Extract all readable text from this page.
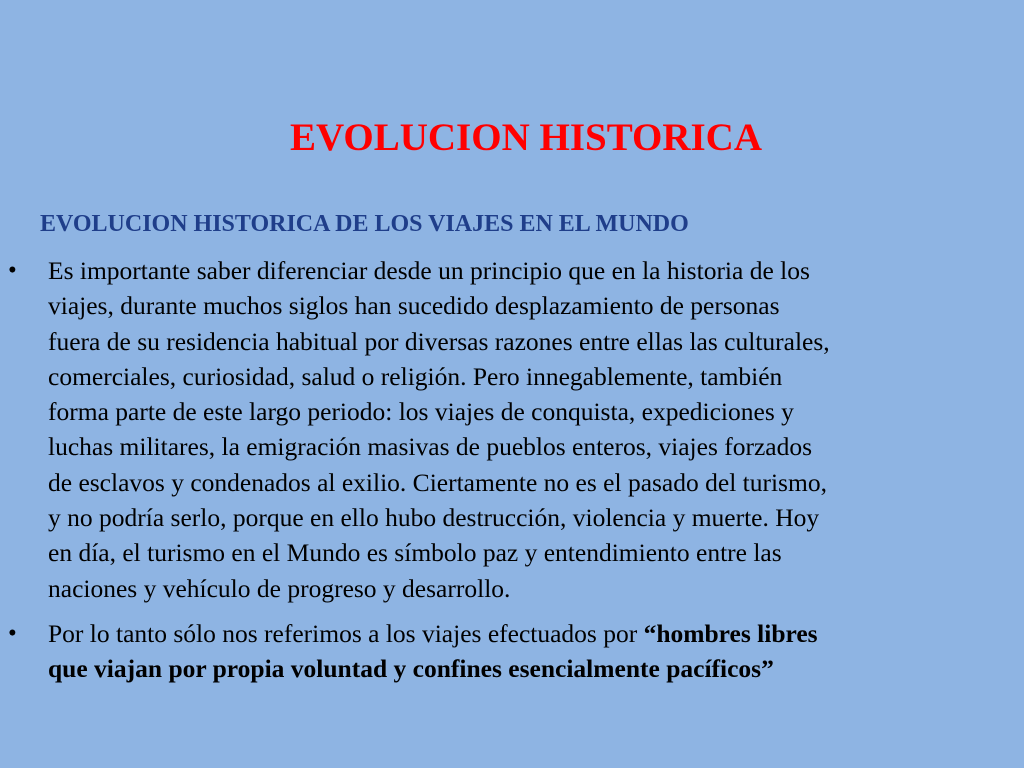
EVOLUCION HISTORICA
EVOLUCION HISTORICA DE LOS VIAJES EN EL MUNDO
• Es importante saber diferenciar desde un principio que en la historia de los
viajes, durante muchos siglos han sucedido desplazamiento de personas
fuera de su residencia habitual por diversas razones entre ellas las culturales,
comerciales, curiosidad, salud o religión. Pero innegablemente, también
forma parte de este largo periodo: los viajes de conquista, expediciones y
luchas militares, la emigración masivas de pueblos enteros, viajes forzados
de esclavos y condenados al exilio. Ciertamente no es el pasado del turismo,
y no podría serlo, porque en ello hubo destrucción, violencia y muerte. Hoy
en día, el turismo en el Mundo es símbolo paz y entendimiento entre las
naciones y vehículo de progreso y desarrollo.
• Por lo tanto sólo nos referimos a los viajes efectuados por “hombres libres
que viajan por propia voluntad y confines esencialmente pacíficos”
